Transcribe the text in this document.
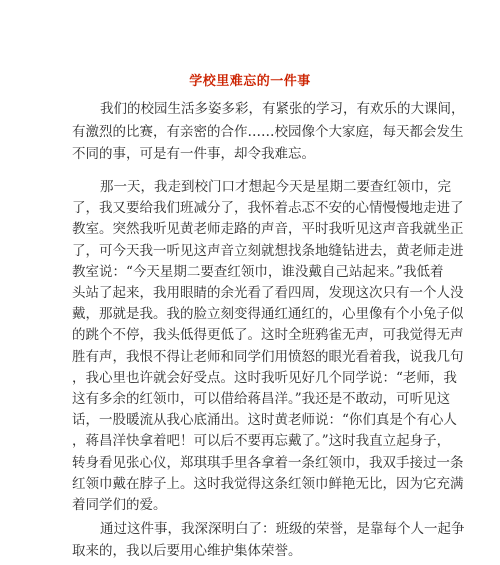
学校里难忘的一件事
我们的校园生活多姿多彩，有紧张的学习，有欢乐的大课间，
有激烈的比赛，有亲密的合作……校园像个大家庭，每天都会发生
不同的事，可是有一件事，却令我难忘。
那一天，我走到校门口才想起今天是星期二要查红领巾，完
了，我又要给我们班减分了，我怀着忐忑不安的心情慢慢地走进了
教室。突然我听见黄老师走路的声音，平时我听见这声音我就坐正
了，可今天我一听见这声音立刻就想找条地缝钻进去，黄老师走进
教室说：“今天星期二要查红领巾，谁没戴自己站起来。”我低着
头站了起来，我用眼睛的余光看了看四周，发现这次只有一个人没
戴，那就是我。我的脸立刻变得通红通红的，心里像有个小兔子似
的跳个不停，我头低得更低了。这时全班鸦雀无声，可我觉得无声
胜有声，我恨不得让老师和同学们用愤怒的眼光看着我，说我几句
，我心里也许就会好受点。这时我听见好几个同学说：“老师，我
这有多余的红领巾，可以借给蒋昌洋。”我还是不敢动，可听见这
话，一股暖流从我心底涌出。这时黄老师说：“你们真是个有心人
，蒋昌洋快拿着吧！可以后不要再忘戴了。”这时我直立起身子，
转身看见张心仪，郑琪琪手里各拿着一条红领巾，我双手接过一条
红领巾戴在脖子上。这时我觉得这条红领巾鲜艳无比，因为它充满
着同学们的爱。
通过这件事，我深深明白了：班级的荣誉，是靠每个人一起争
取来的，我以后要用心维护集体荣誉。
